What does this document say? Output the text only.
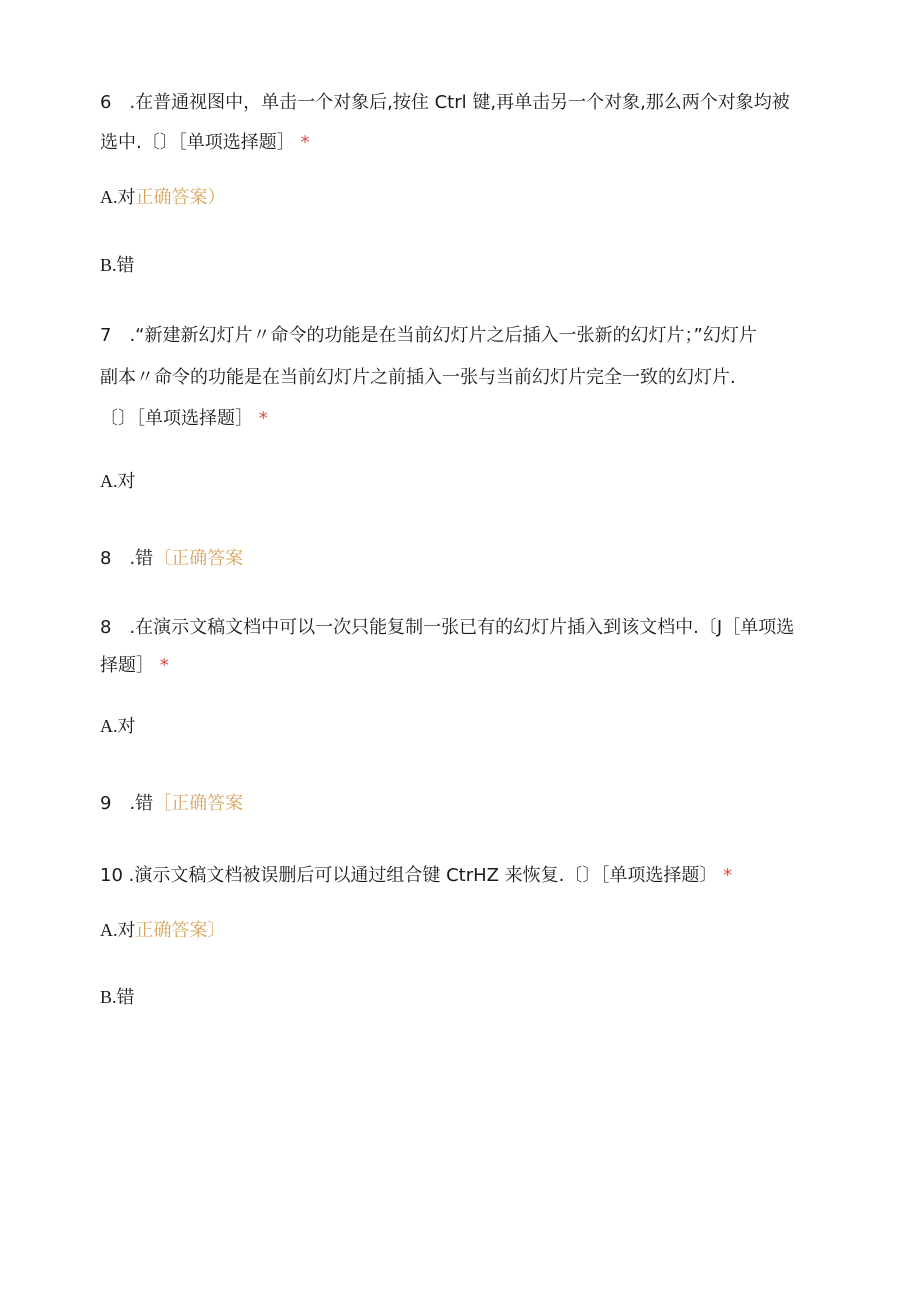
6　.在普通视图中，单击一个对象后,按住 Ctrl 键,再单击另一个对象,那么两个对象均被
选中.〔〕［单项选择题］ *
A.对正确答案）
B.错
7　.“新建新幻灯片〃命令的功能是在当前幻灯片之后插入一张新的幻灯片；”幻灯片
副本〃命令的功能是在当前幻灯片之前插入一张与当前幻灯片完全一致的幻灯片.
〔〕［单项选择题］ *
A.对
8　.错〔正确答案
8　.在演示文稿文档中可以一次只能复制一张已有的幻灯片插入到该文档中.〔J［单项选
择题］ *
A.对
9　.错［正确答案
10 .演示文稿文档被误删后可以通过组合键 CtrHZ 来恢复.〔〕［单项选择题〕 *
A.对正确答案〕
B.错
